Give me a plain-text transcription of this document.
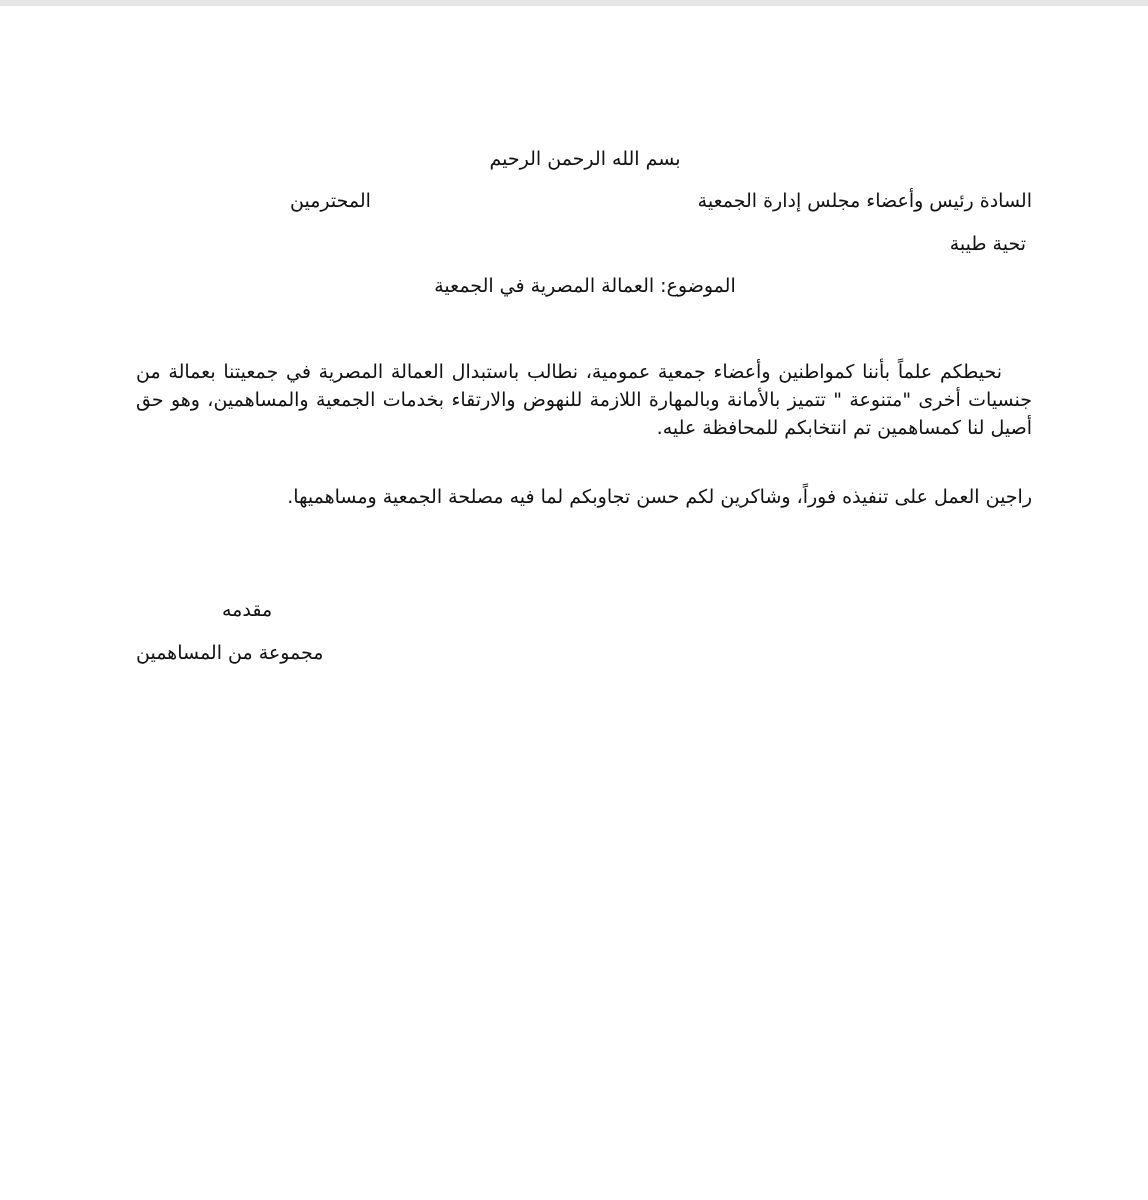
بسم الله الرحمن الرحيم
السادة رئيس وأعضاء مجلس إدارة الجمعية
المحترمين
تحية طيبة
الموضوع: العمالة المصرية في الجمعية

نحيطكم علماً بأننا كمواطنين وأعضاء جمعية عمومية، نطالب باستبدال العمالة المصرية في جمعيتنا بعمالة من جنسيات أخرى "متنوعة " تتميز بالأمانة وبالمهارة اللازمة للنهوض والارتقاء بخدمات الجمعية والمساهمين، وهو حق أصيل لنا كمساهمين تم انتخابكم للمحافظة عليه.

راجين العمل على تنفيذه فوراً، وشاكرين لكم حسن تجاوبكم لما فيه مصلحة الجمعية ومساهميها.

مقدمه
مجموعة من المساهمين
